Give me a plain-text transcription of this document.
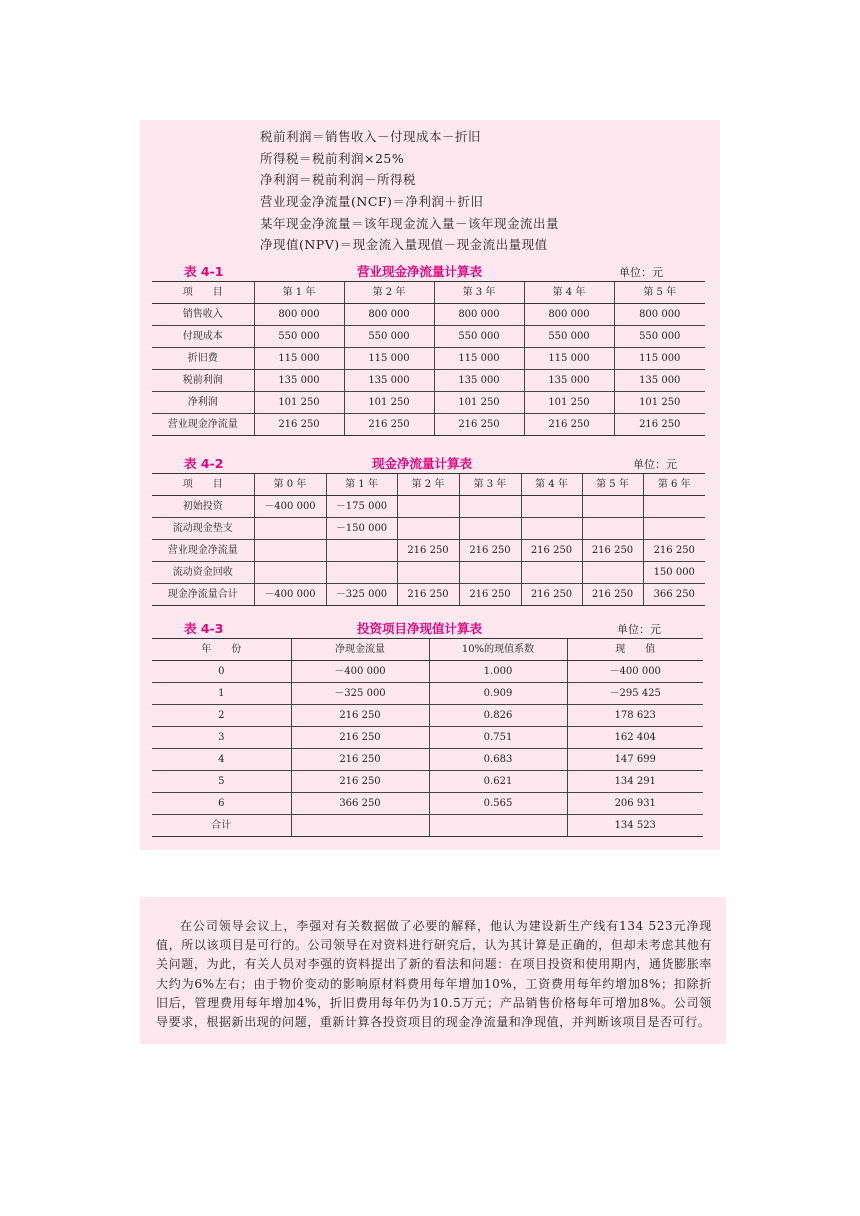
税前利润＝销售收入－付现成本－折旧
所得税＝税前利润×25%
净利润＝税前利润－所得税
营业现金净流量(NCF)＝净利润＋折旧
某年现金净流量＝该年现金流入量－该年现金流出量
净现值(NPV)＝现金流入量现值－现金流出量现值
表 4-1	营业现金净流量计算表	单位：元
项　　目	第 1 年	第 2 年	第 3 年	第 4 年	第 5 年
销售收入	800 000	800 000	800 000	800 000	800 000
付现成本	550 000	550 000	550 000	550 000	550 000
折旧费	115 000	115 000	115 000	115 000	115 000
税前利润	135 000	135 000	135 000	135 000	135 000
净利润	101 250	101 250	101 250	101 250	101 250
营业现金净流量	216 250	216 250	216 250	216 250	216 250
表 4-2	现金净流量计算表	单位：元
项　　目	第 0 年	第 1 年	第 2 年	第 3 年	第 4 年	第 5 年	第 6 年
初始投资	－400 000	－175 000					
流动现金垫支		－150 000					
营业现金净流量			216 250	216 250	216 250	216 250	216 250
流动资金回收							150 000
现金净流量合计	－400 000	－325 000	216 250	216 250	216 250	216 250	366 250
表 4-3	投资项目净现值计算表	单位：元
年　　份	净现金流量	10%的现值系数	现　　值
0	－400 000	1.000	－400 000
1	－325 000	0.909	－295 425
2	216 250	0.826	178 623
3	216 250	0.751	162 404
4	216 250	0.683	147 699
5	216 250	0.621	134 291
6	366 250	0.565	206 931
合计			134 523

在公司领导会议上，李强对有关数据做了必要的解释，他认为建设新生产线有134 523元净现值，所以该项目是可行的。公司领导在对资料进行研究后，认为其计算是正确的，但却未考虑其他有关问题，为此，有关人员对李强的资料提出了新的看法和问题：在项目投资和使用期内，通货膨胀率大约为6%左右；由于物价变动的影响原材料费用每年增加10%，工资费用每年约增加8%；扣除折旧后，管理费用每年增加4%，折旧费用每年仍为10.5万元；产品销售价格每年可增加8%。公司领导要求，根据新出现的问题，重新计算各投资项目的现金净流量和净现值，并判断该项目是否可行。
